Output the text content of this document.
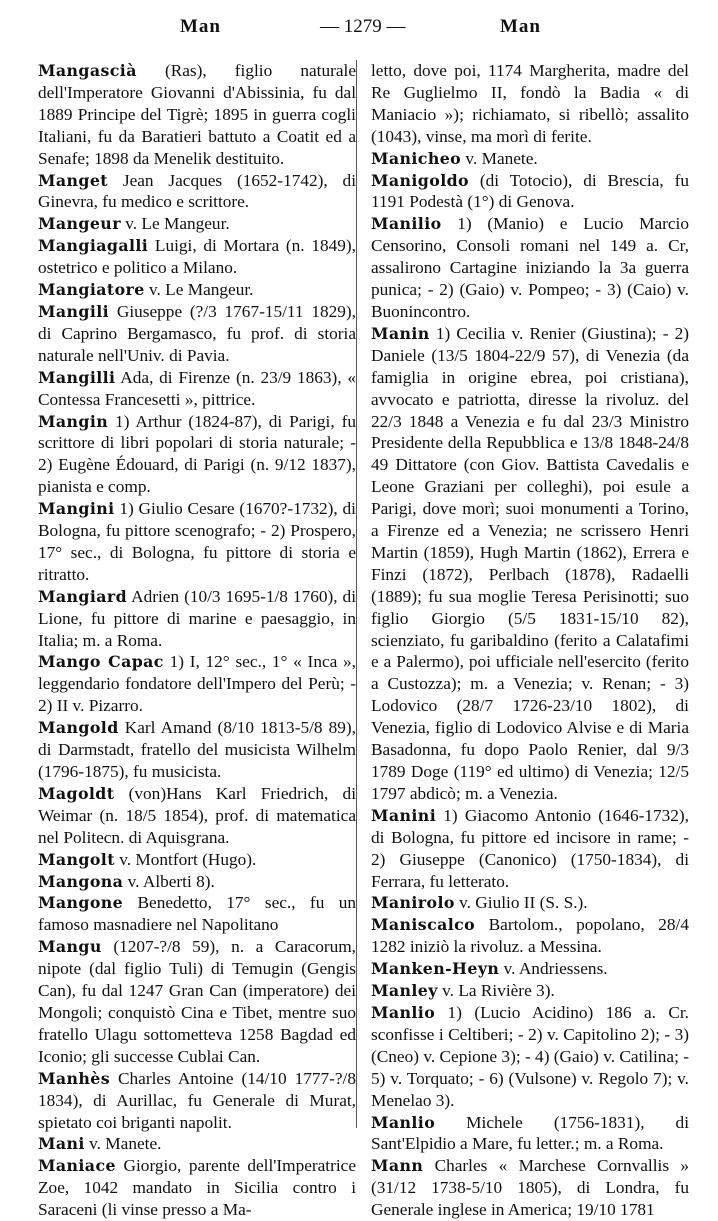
Man	— 1279 —	Man

Mangascià (Ras), figlio naturale dell'Imperatore Giovanni d'Abissinia, fu dal 1889 Principe del Tigrè; 1895 in guerra cogli Italiani, fu da Baratieri battuto a Coatit ed a Senafe; 1898 da Menelik destituito.

Manget Jean Jacques (1652-1742), di Ginevra, fu medico e scrittore.

Mangeur v. Le Mangeur.

Mangiagalli Luigi, di Mortara (n. 1849), ostetrico e politico a Milano.

Mangiatore v. Le Mangeur.

Mangili Giuseppe (?/3 1767-15/11 1829), di Caprino Bergamasco, fu prof. di storia naturale nell'Univ. di Pavia.

Mangilli Ada, di Firenze (n. 23/9 1863), « Contessa Francesetti », pittrice.

Mangin 1) Arthur (1824-87), di Parigi, fu scrittore di libri popolari di storia naturale; - 2) Eugène Édouard, di Parigi (n. 9/12 1837), pianista e comp.

Mangini 1) Giulio Cesare (1670?-1732), di Bologna, fu pittore scenografo; - 2) Prospero, 17° sec., di Bologna, fu pittore di storia e ritratto.

Mangiard Adrien (10/3 1695-1/8 1760), di Lione, fu pittore di marine e paesaggio, in Italia; m. a Roma.

Mango Capac 1) I, 12° sec., 1° « Inca », leggendario fondatore dell'Impero del Perù; - 2) II v. Pizarro.

Mangold Karl Amand (8/10 1813-5/8 89), di Darmstadt, fratello del musicista Wilhelm (1796-1875), fu musicista.

Magoldt (von)Hans Karl Friedrich, di Weimar (n. 18/5 1854), prof. di matematica nel Politecn. di Aquisgrana.

Mangolt v. Montfort (Hugo).

Mangona v. Alberti 8).

Mangone Benedetto, 17° sec., fu un famoso masnadiere nel Napolitano

Mangu (1207-?/8 59), n. a Caracorum, nipote (dal figlio Tuli) di Temugin (Gengis Can), fu dal 1247 Gran Can (imperatore) dei Mongoli; conquistò Cina e Tibet, mentre suo fratello Ulagu sottometteva 1258 Bagdad ed Iconio; gli successe Cublai Can.

Manhès Charles Antoine (14/10 1777-?/8 1834), di Aurillac, fu Generale di Murat, spietato coi briganti napolit.

Mani v. Manete.

Maniace Giorgio, parente dell'Imperatrice Zoe, 1042 mandato in Sicilia contro i Saraceni (li vinse presso a Ma-

letto, dove poi, 1174 Margherita, madre del Re Guglielmo II, fondò la Badia « di Maniacio »); richiamato, si ribellò; assalito (1043), vinse, ma morì di ferite.

Manicheo v. Manete.

Manigoldo (di Totocio), di Brescia, fu 1191 Podestà (1°) di Genova.

Manilio 1) (Manio) e Lucio Marcio Censorino, Consoli romani nel 149 a. Cr, assalirono Cartagine iniziando la 3a guerra punica; - 2) (Gaio) v. Pompeo; - 3) (Caio) v. Buonincontro.

Manin 1) Cecilia v. Renier (Giustina); - 2) Daniele (13/5 1804-22/9 57), di Venezia (da famiglia in origine ebrea, poi cristiana), avvocato e patriotta, diresse la rivoluz. del 22/3 1848 a Venezia e fu dal 23/3 Ministro Presidente della Repubblica e 13/8 1848-24/8 49 Dittatore (con Giov. Battista Cavedalis e Leone Graziani per colleghi), poi esule a Parigi, dove morì; suoi monumenti a Torino, a Firenze ed a Venezia; ne scrissero Henri Martin (1859), Hugh Martin (1862), Errera e Finzi (1872), Perlbach (1878), Radaelli (1889); fu sua moglie Teresa Perisinotti; suo figlio Giorgio (5/5 1831-15/10 82), scienziato, fu garibaldino (ferito a Calatafimi e a Palermo), poi ufficiale nell'esercito (ferito a Custozza); m. a Venezia; v. Renan; - 3) Lodovico (28/7 1726-23/10 1802), di Venezia, figlio di Lodovico Alvise e di Maria Basadonna, fu dopo Paolo Renier, dal 9/3 1789 Doge (119° ed ultimo) di Venezia; 12/5 1797 abdicò; m. a Venezia.

Manini 1) Giacomo Antonio (1646-1732), di Bologna, fu pittore ed incisore in rame; - 2) Giuseppe (Canonico) (1750-1834), di Ferrara, fu letterato.

Manirolo v. Giulio II (S. S.).

Maniscalco Bartolom., popolano, 28/4 1282 iniziò la rivoluz. a Messina.

Manken-Heyn v. Andriessens.

Manley v. La Rivière 3).

Manlio 1) (Lucio Acidino) 186 a. Cr. sconfisse i Celtiberi; - 2) v. Capitolino 2); - 3) (Cneo) v. Cepione 3); - 4) (Gaio) v. Catilina; - 5) v. Torquato; - 6) (Vulsone) v. Regolo 7); v. Menelao 3).

Manlio Michele (1756-1831), di Sant'Elpidio a Mare, fu letter.; m. a Roma.

Mann Charles « Marchese Cornvallis » (31/12 1738-5/10 1805), di Londra, fu Generale inglese in America; 19/10 1781
